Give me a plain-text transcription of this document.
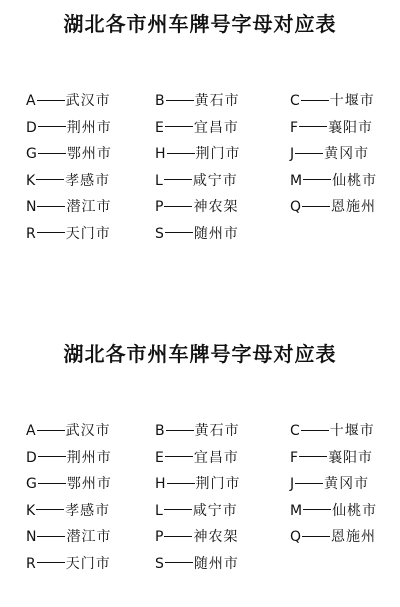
湖北各市州车牌号字母对应表
A 武汉市	B 黄石市	C 十堰市
D 荆州市	E 宜昌市	F 襄阳市
G 鄂州市	H 荆门市	J 黄冈市
K 孝感市	L 咸宁市	M 仙桃市
N 潜江市	P 神农架	Q 恩施州
R 天门市	S 随州市
湖北各市州车牌号字母对应表
A 武汉市	B 黄石市	C 十堰市
D 荆州市	E 宜昌市	F 襄阳市
G 鄂州市	H 荆门市	J 黄冈市
K 孝感市	L 咸宁市	M 仙桃市
N 潜江市	P 神农架	Q 恩施州
R 天门市	S 随州市
